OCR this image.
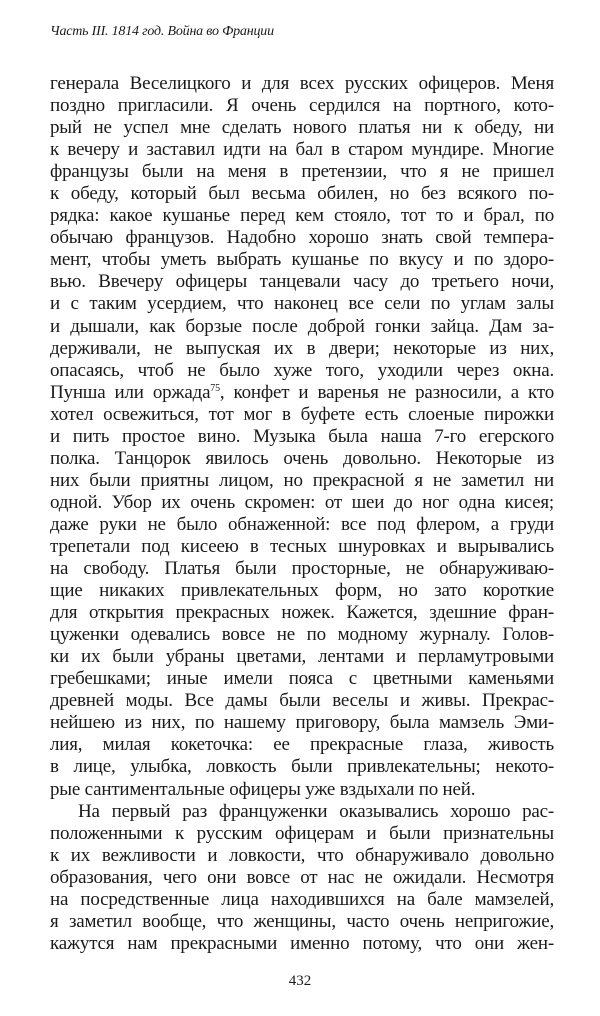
Часть III. 1814 год. Война во Франции
генерала Веселицкого и для всех русских офицеров. Меня
поздно пригласили. Я очень сердился на портного, кото-
рый не успел мне сделать нового платья ни к обеду, ни
к вечеру и заставил идти на бал в старом мундире. Многие
французы были на меня в претензии, что я не пришел
к обеду, который был весьма обилен, но без всякого по-
рядка: какое кушанье перед кем стояло, тот то и брал, по
обычаю французов. Надобно хорошо знать свой темпера-
мент, чтобы уметь выбрать кушанье по вкусу и по здоро-
вью. Ввечеру офицеры танцевали часу до третьего ночи,
и с таким усердием, что наконец все сели по углам залы
и дышали, как борзые после доброй гонки зайца. Дам за-
держивали, не выпуская их в двери; некоторые из них,
опасаясь, чтоб не было хуже того, уходили через окна.
Пунша или оржада$^{75}$, конфет и варенья не разносили, а кто
хотел освежиться, тот мог в буфете есть слоеные пирожки
и пить простое вино. Музыка была наша 7-го егерского
полка. Танцорок явилось очень довольно. Некоторые из
них были приятны лицом, но прекрасной я не заметил ни
одной. Убор их очень скромен: от шеи до ног одна кисея;
даже руки не было обнаженной: все под флером, а груди
трепетали под кисеею в тесных шнуровках и вырывались
на свободу. Платья были просторные, не обнаруживаю-
щие никаких привлекательных форм, но зато короткие
для открытия прекрасных ножек. Кажется, здешние фран-
цуженки одевались вовсе не по модному журналу. Голов-
ки их были убраны цветами, лентами и перламутровыми
гребешками; иные имели пояса с цветными каменьями
древней моды. Все дамы были веселы и живы. Прекрас-
нейшею из них, по нашему приговору, была мамзель Эми-
лия, милая кокеточка: ее прекрасные глаза, живость
в лице, улыбка, ловкость были привлекательны; некото-
рые сантиментальные офицеры уже вздыхали по ней.
На первый раз француженки оказывались хорошо рас-
положенными к русским офицерам и были признательны
к их вежливости и ловкости, что обнаруживало довольно
образования, чего они вовсе от нас не ожидали. Несмотря
на посредственные лица находившихся на бале мамзелей,
я заметил вообще, что женщины, часто очень непригожие,
кажутся нам прекрасными именно потому, что они жен-
432
